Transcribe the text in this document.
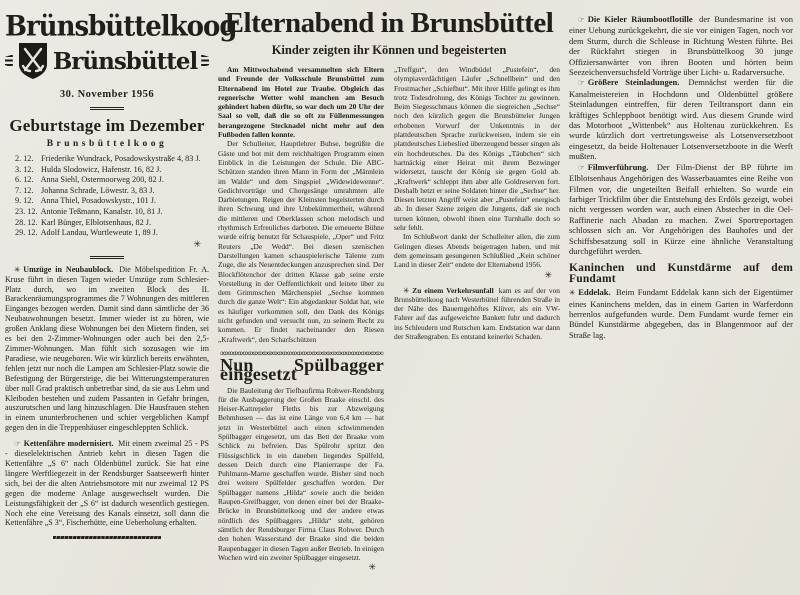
Brünsbüttelkoog
Brünsbüttel
30. November 1956
Geburtstage im Dezember
Brunsbüttelkoog
2. 12. Friederike Wundrack, Posadowskystraße 4, 83 J.
3. 12. Hulda Slodowicz, Hafenstr. 16, 82 J.
6. 12. Anna Siehl, Ostermoorweg 200, 82 J.
7. 12. Johanna Schrade, Löwestr. 3, 83 J.
9. 12. Anna Thiel, Posadowskystr., 101 J.
23. 12. Antonie Teßmann, Kanalstr. 10, 81 J.
28. 12. Karl Bünger, Elblotsenhaus, 82 J.
29. 12. Adolf Landau, Wurtleweute 1, 89 J.
✳

✳ Umzüge in Neubaublock. Die Möbelspedition Fr. A. Kruse führt in diesen Tagen wieder Umzüge zum Schlesier-Platz durch, wo im zweiten Block des II. Barackenräumungsprogrammes die 7 Wohnungen des mittleren Einganges bezogen werden. Damit sind dann sämtliche der 36 Neubauwohnungen besetzt. Immer wieder ist zu hören, wie großen Anklang diese Wohnungen bei den Mietern finden, sei es bei den 2-Zimmer-Wohnungen oder auch bei den 2,5-Zimmer-Wohnungen. Man fühlt sich sozusagen wie im Paradiese, wie neugeboren. Wie wir kürzlich bereits erwähnten, fehlen jetzt nur noch die Lampen am Schlesier-Platz sowie die Befestigung der Bürgersteige, die bei Witterungstemperaturen über null Grad praktisch unbetretbar sind, da sie aus Lehm und Kleiboden bestehen und zudem Passanten in Gefahr bringen, auszurutschen und lang hinzuschlagen. Die Hausfrauen stehen in einem ununterbrochenen und schier vergeblichen Kampf gegen den in die Treppenhäuser eingeschleppten Schlick.

☞ Kettenfähre modernisiert. Mit einem zweimal 25 - PS - dieselelektrischen Antrieb kehrt in diesen Tagen die Kettenfähre „S 6“ nach Oldenbüttel zurück. Sie hat eine längere Werftliegezeit in der Rendsburger Saatseewerft hinter sich, bei der die alten Antriebsmotore mit nur zweimal 12 PS gegen die moderne Anlage ausgewechselt wurden. Die Leistungsfähigkeit der „S 6“ ist dadurch wesentlich gestiegen. Noch ehe eine Vereisung des Kanals einsetzt, soll dann die Kettenfähre „S 3“, Fischerhütte, eine Ueberholung erhalten.

Elternabend in Brunsbüttel
Kinder zeigten ihr Können und begeisterten

Am Mittwochabend versammelten sich Eltern und Freunde der Volksschule Brunsbüttel zum Elternabend im Hotel zur Traube. Obgleich das regnerische Wetter wohl manchen am Besuch gehindert haben dürfte, so war doch um 20 Uhr der Saal so voll, daß die so oft zu Füllenmessungen herangezogene Stecknadel nicht mehr auf den Fußboden fallen konnte.

Der Schulleiter, Hauptlehrer Buhse, begrüßte die Gäste und bot mit dem reichhaltigen Programm einen Einblick in die Leistungen der Schule. Die ABC-Schützen standen ihren Mann in Form der „Männlein im Walde“ und dem Singspiel „Widewidewenne“. Gedichtvorträge und Chorgesänge umrahmten alle Darbietungen. Reigen der Kleinsten begeisterten durch ihren Schwung und ihre Unbekümmertheit, während die mittleren und Oberklassen schon melodisch und rhythmisch Erfreuliches darboten. Die erneuerte Bühne wurde eifrig benutzt für Schauspiele, „Oper“ und Fritz Reuters „De Wedd“. Bei diesen szenischen Darstellungen kamen schauspielerische Talente zum Zuge, die als Neuentdeckungen anzusprechen sind. Der Blockflötenchor der dritten Klasse gab seine erste Vorstellung in der Oeffentlichkeit und leitete über zu dem Grimmschen Märchenspiel „Sechse kommen durch die ganze Welt“: Ein abgedankter Soldat hat, wie es häufiger vorkommen soll, den Dank des Königs nicht gefunden und versucht nun, zu seinem Recht zu kommen. Er findet nacheinander den Riesen „Kraftwerk“, den Scharfschützen

∞∞∞∞∞∞∞∞∞∞∞∞∞∞∞∞∞∞∞∞∞∞∞∞∞∞∞∞∞∞∞∞∞
Nun Spülbagger eingesetzt

Die Bauleitung der Tiefbaufirma Rohwer-Rendsburg für die Ausbaggerung der Großen Braake einschl. des Heiser-Kattrepeler Fleths bis zur Abzweigung Behmhusen — das ist eine Länge von 6,4 km — hat jetzt in Westerbüttel auch einen schwimmenden Spülbagger eingesetzt, um das Bett der Braake vom Schlick zu befreien. Das Spülrohr spritzt den Flüssigschlick in ein daneben liegendes Spülfeld, dessen Deich durch eine Planierraupe der Fa. Puhlmann-Marne geschaffen wurde. Bisher sind noch drei weitere Spülfelder geschaffen worden. Der Spülbagger namens „Hilda“ sowie auch die beiden Raupen-Greifbagger, von denen einer bei der Braake-Brücke in Brunsbüttelkoog und der andere etwas nördlich des Spülbaggers „Hilda“ steht, gehören sämtlich der Rendsburger Firma Claus Rohwer. Durch den hohen Wasserstand der Braake sind die beiden Raupenbagger in diesen Tagen außer Betrieb. In einigen Wochen wird ein zweiter Spülbagger eingesetzt.

✳

„Treffgut“, den Windbüdel „Pustefein“, den olympiaverdächtigen Läufer „Schnellbein“ und den Frostmacher „Schiefhut“. Mit ihrer Hilfe gelingt es ihm trotz Todesdrohung, des Königs Tochter zu gewinnen. Beim Siegesschmaus können die siegreichen „Sechse“ noch den kürzlich gegen die Brunsbütteler Jungen erhobenen Vorwurf der Unkenntnis in der plattdeutschen Sprache zurückweisen, indem sie ein plattdeutsches Liebeslied überzeugend besser singen als ein hochdeutsches. Da des Königs „Täubchen“ sich hartnäckig einer Heirat mit ihrem Bezwinger widersetzt, tauscht der König sie gegen Gold ab. „Kraftwerk“ schleppt ihm aber alle Goldreserven fort. Deshalb hetzt er seine Soldaten hinter die „Sechse“ her. Diesen letzten Angriff weist aber „Pustefein“ energisch ab. In dieser Szene zeigen die Jungens, daß sie noch turnen können, obwohl ihnen eine Turnhalle doch so sehr fehlt.

Im Schlußwort dankt der Schulleiter allen, die zum Gelingen dieses Abends beigetragen haben, und mit dem gemeinsam gesungenen Schlußlied „Kein schöner Land in dieser Zeit“ endete der Elternabend 1956.

✳

✳ Zu einem Verkehrsunfall kam es auf der von Brunsbüttelkoog nach Westerbüttel führenden Straße in der Nähe des Bauerngehöftes Klüver, als ein VW-Fahrer auf das aufgeweichte Bankett fuhr und dadurch ins Schleudern und Rutschen kam. Endstation war dann der Straßengraben. Es entstand keinerlei Schaden.

☞ Die Kieler Räumbootflotille der Bundesmarine ist von einer Uebung zurückgekehrt, die sie vor einigen Tagen, noch vor dem Sturm, durch die Schleuse in Richtung Westen führte. Bei der Rückfahrt stiegen in Brunsbüttelkoog 30 junge Offiziersanwärter von ihren Booten und hörten beim Seezeichenversuchsfeld Vorträge über Licht- u. Radarversuche.

☞ Größere Steinladungen. Demnächst werden für die Kanalmeistereien in Hochdonn und Oldenbüttel größere Steinladungen eintreffen, für deren Teiltransport dann ein kräftiges Schleppboot benötigt wird. Aus diesem Grunde wird das Motorboot „Wittenbek“ aus Holtenau zurückkehren. Es wurde kürzlich dort vertretungsweise als Lotsenversetzboot eingesetzt, da beide Holtenauer Lotsenversetzboote in die Werft mußten.

☞ Filmverführung. Der Film-Dienst der BP führte im Elblotsenhaus Angehörigen des Wasserbauamtes eine Reihe von Filmen vor, die ungeteilten Beifall erhielten. So wurde ein farbiger Trickfilm über die Entstehung des Erdöls gezeigt, wobei nicht vergessen worden war, auch einen Abstecher in die Oel-Raffinerie nach Abadan zu machen. Zwei Sportreportagen schlossen sich an. Vor Angehörigen des Bauhofes und der Schiffsbesatzung soll in Kürze eine ähnliche Veranstaltung durchgeführt werden.

Kaninchen und Kunstdärme auf dem Fundamt

✳ Eddelak. Beim Fundamt Eddelak kann sich der Eigentümer eines Kaninchens melden, das in einem Garten in Warferdonn herrenlos aufgefunden wurde. Dem Fundamt wurde ferner ein Bündel Kunstdärme abgegeben, das in Blangenmoor auf der Straße lag.
